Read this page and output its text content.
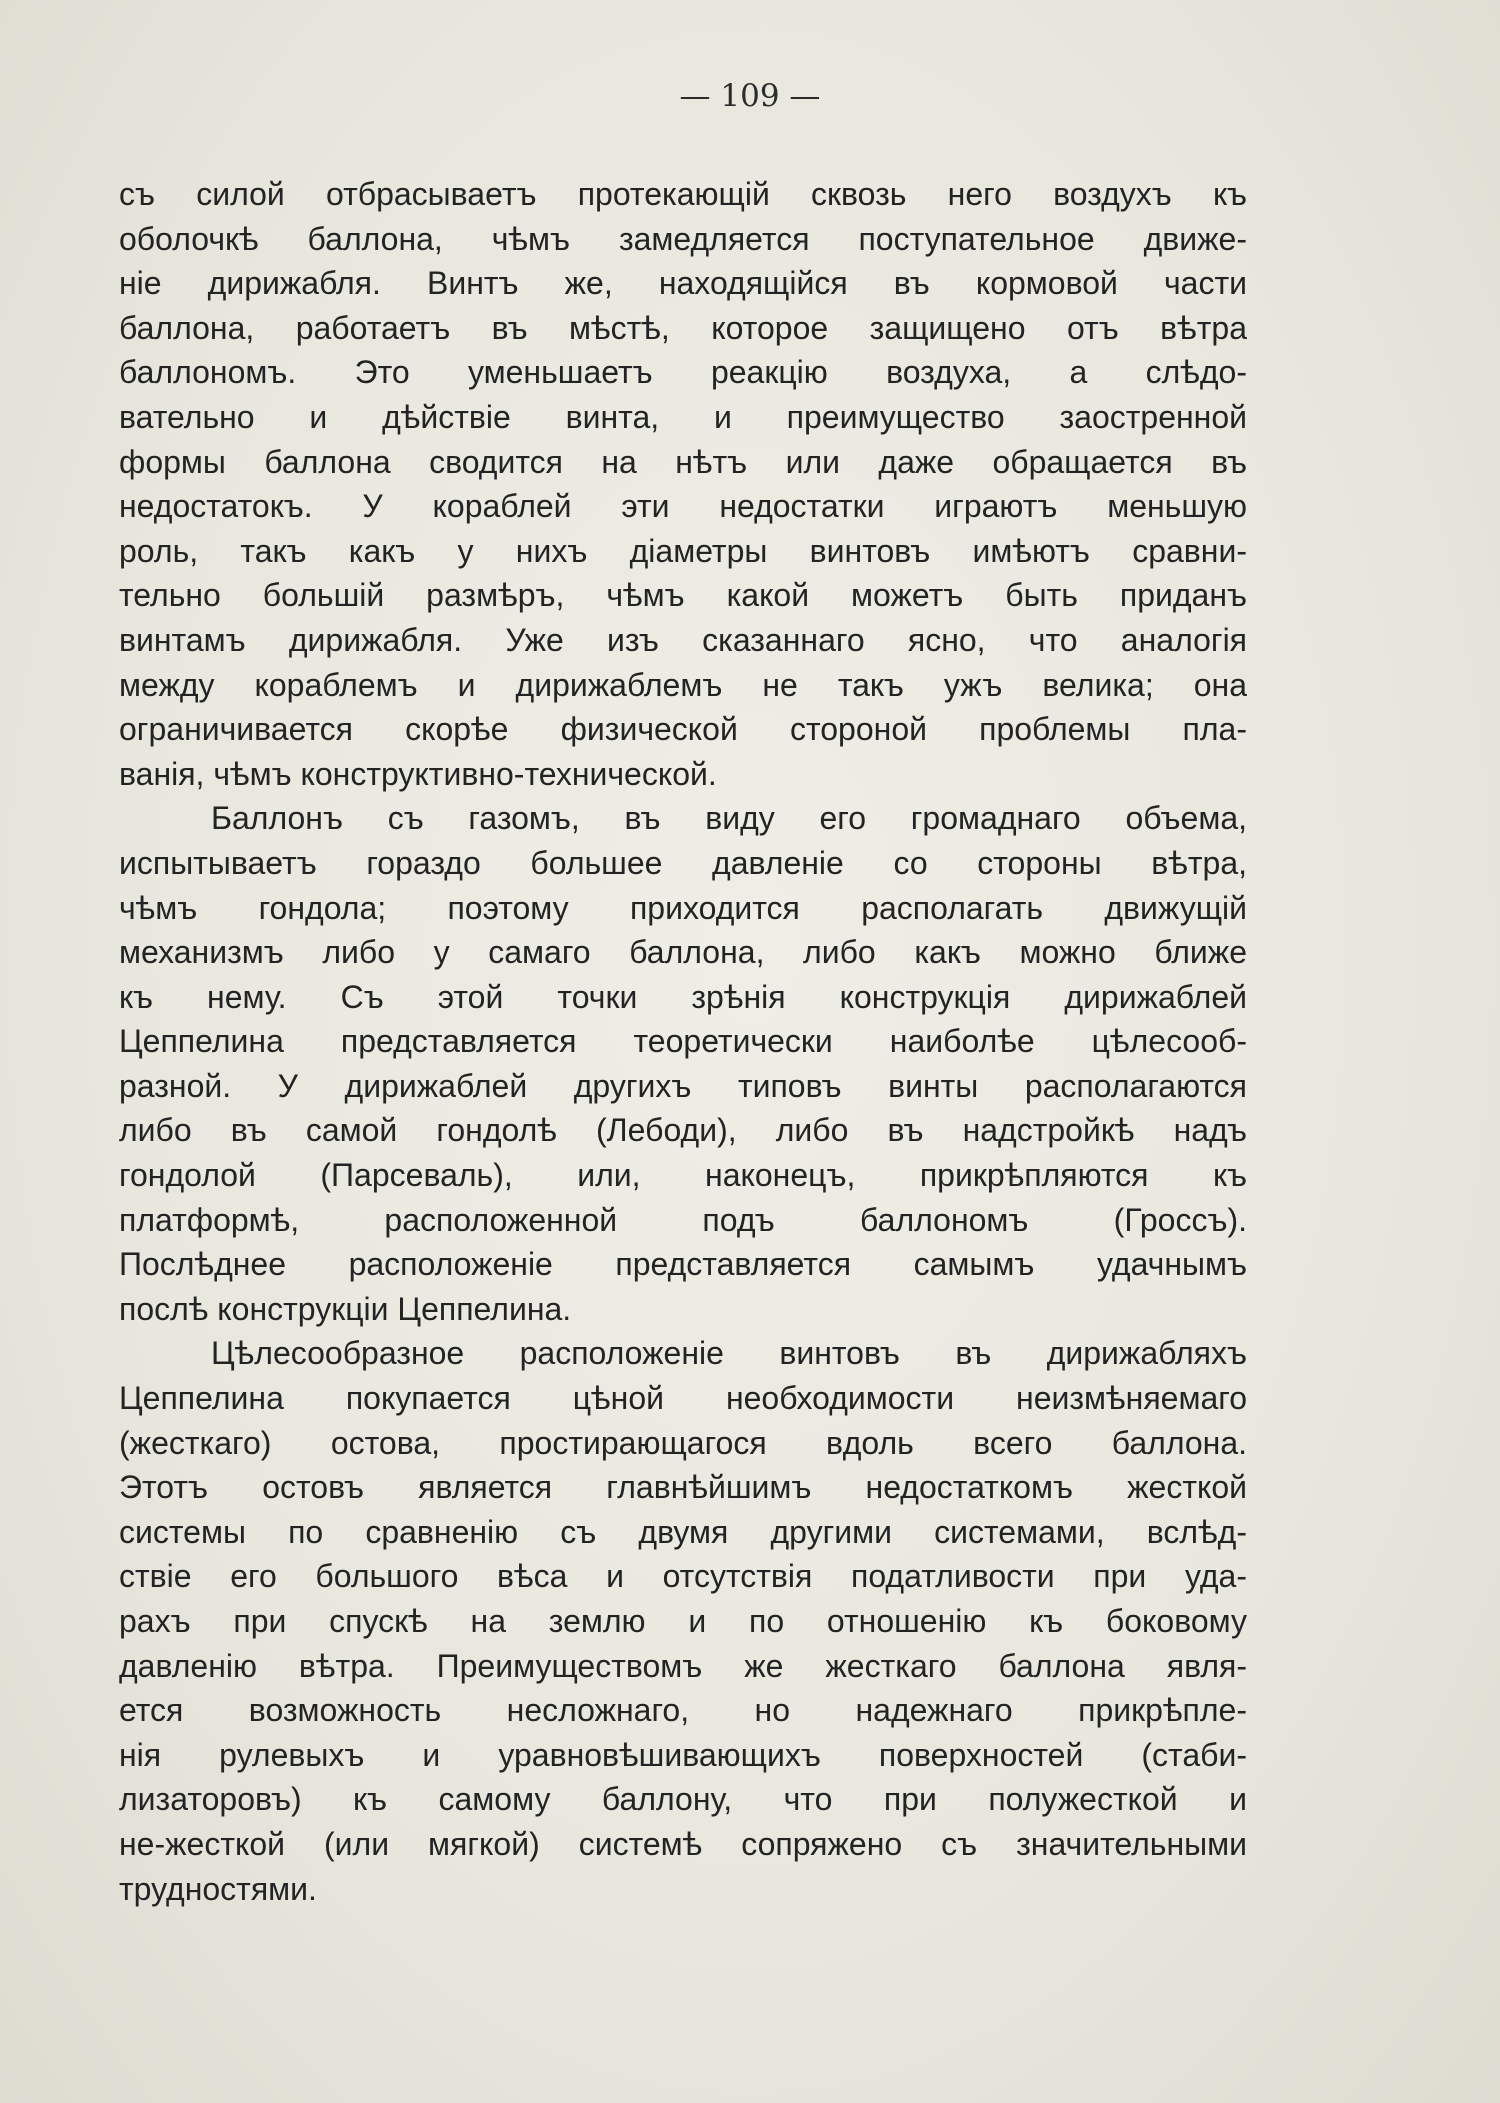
— 109 —
съ силой отбрасываетъ протекающій сквозь него воздухъ къ
оболочкѣ баллона, чѣмъ замедляется поступательное движе-
ніе дирижабля. Винтъ же, находящійся въ кормовой части
баллона, работаетъ въ мѣстѣ, которое защищено отъ вѣтра
баллономъ. Это уменьшаетъ реакцію воздуха, а слѣдо-
вательно и дѣйствіе винта, и преимущество заостренной
формы баллона сводится на нѣтъ или даже обращается въ
недостатокъ. У кораблей эти недостатки играютъ меньшую
роль, такъ какъ у нихъ діаметры винтовъ имѣютъ сравни-
тельно большій размѣръ, чѣмъ какой можетъ быть приданъ
винтамъ дирижабля. Уже изъ сказаннаго ясно, что аналогія
между кораблемъ и дирижаблемъ не такъ ужъ велика; она
ограничивается скорѣе физической стороной проблемы пла-
ванія, чѣмъ конструктивно-технической.
Баллонъ съ газомъ, въ виду его громаднаго объема,
испытываетъ гораздо большее давленіе со стороны вѣтра,
чѣмъ гондола; поэтому приходится располагать движущій
механизмъ либо у самаго баллона, либо какъ можно ближе
къ нему. Съ этой точки зрѣнія конструкція дирижаблей
Цеппелина представляется теоретически наиболѣе цѣлесооб-
разной. У дирижаблей другихъ типовъ винты располагаются
либо въ самой гондолѣ (Лебоди), либо въ надстройкѣ надъ
гондолой (Парсеваль), или, наконецъ, прикрѣпляются къ
платформѣ, расположенной подъ баллономъ (Гроссъ).
Послѣднее расположеніе представляется самымъ удачнымъ
послѣ конструкціи Цеппелина.
Цѣлесообразное расположеніе винтовъ въ дирижабляхъ
Цеппелина покупается цѣной необходимости неизмѣняемаго
(жесткаго) остова, простирающагося вдоль всего баллона.
Этотъ остовъ является главнѣйшимъ недостаткомъ жесткой
системы по сравненію съ двумя другими системами, вслѣд-
ствіе его большого вѣса и отсутствія податливости при уда-
рахъ при спускѣ на землю и по отношенію къ боковому
давленію вѣтра. Преимуществомъ же жесткаго баллона явля-
ется возможность несложнаго, но надежнаго прикрѣпле-
нія рулевыхъ и уравновѣшивающихъ поверхностей (стаби-
лизаторовъ) къ самому баллону, что при полужесткой и
не-жесткой (или мягкой) системѣ сопряжено съ значительными
трудностями.
